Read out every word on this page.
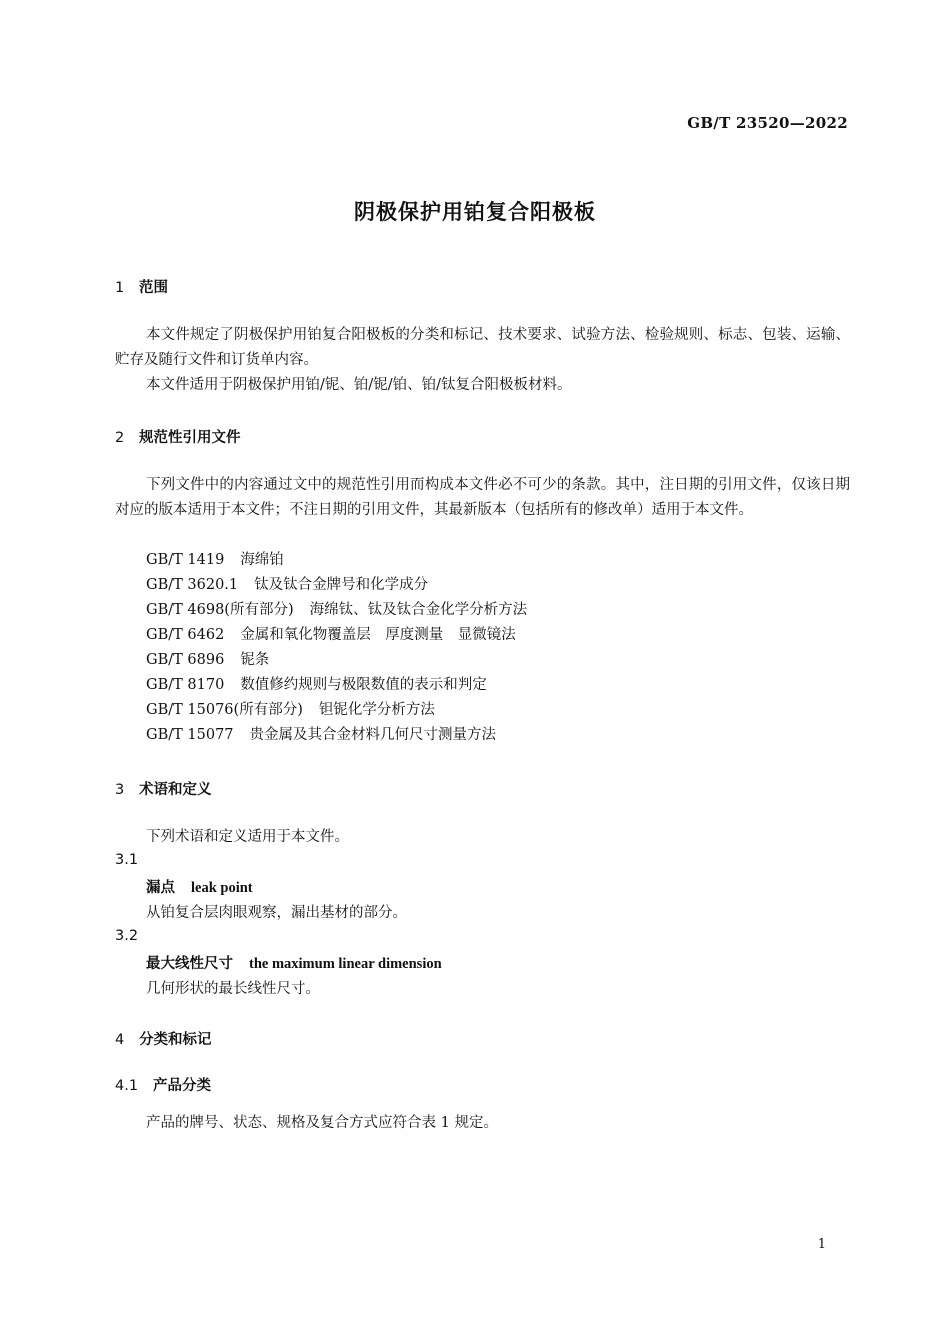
GB/T 23520—2022
阴极保护用铂复合阳极板
1 范围
本文件规定了阴极保护用铂复合阳极板的分类和标记、技术要求、试验方法、检验规则、标志、包装、运输、贮存及随行文件和订货单内容。
本文件适用于阴极保护用铂/铌、铂/铌/铂、铂/钛复合阳极板材料。
2 规范性引用文件
下列文件中的内容通过文中的规范性引用而构成本文件必不可少的条款。其中，注日期的引用文件，仅该日期对应的版本适用于本文件；不注日期的引用文件，其最新版本（包括所有的修改单）适用于本文件。
GB/T 1419 海绵铂
GB/T 3620.1 钛及钛合金牌号和化学成分
GB/T 4698(所有部分) 海绵钛、钛及钛合金化学分析方法
GB/T 6462 金属和氧化物覆盖层　厚度测量　显微镜法
GB/T 6896 铌条
GB/T 8170 数值修约规则与极限数值的表示和判定
GB/T 15076(所有部分) 钽铌化学分析方法
GB/T 15077 贵金属及其合金材料几何尺寸测量方法
3 术语和定义
下列术语和定义适用于本文件。
3.1
漏点 leak point
从铂复合层肉眼观察，漏出基材的部分。
3.2
最大线性尺寸 the maximum linear dimension
几何形状的最长线性尺寸。
4 分类和标记
4.1 产品分类
产品的牌号、状态、规格及复合方式应符合表 1 规定。
1
